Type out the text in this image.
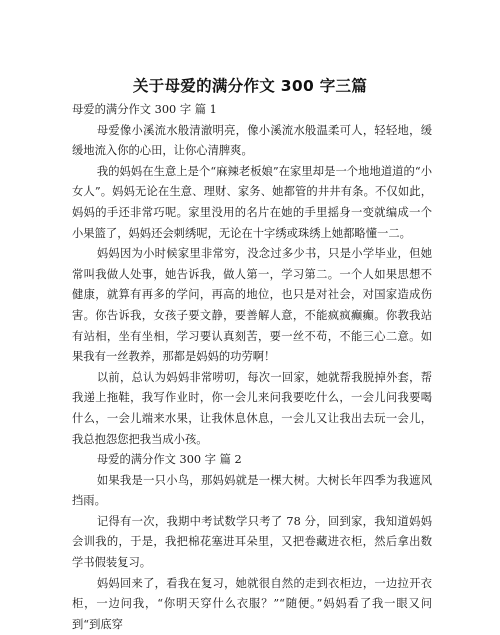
关于母爱的满分作文 300 字三篇

母爱的满分作文 300 字 篇 1

母爱像小溪流水般清澈明亮，像小溪流水般温柔可人，轻轻地，缓缓地流入你的心田，让你心清脾爽。

我的妈妈在生意上是个“麻辣老板娘”在家里却是一个地地道道的“小女人”。妈妈无论在生意、理财、家务、她都管的井井有条。不仅如此，妈妈的手还非常巧呢。家里没用的名片在她的手里摇身一变就编成一个小果篮了，妈妈还会刺绣呢，无论在十字绣或珠绣上她都略懂一二。

妈妈因为小时候家里非常穷，没念过多少书，只是小学毕业，但她常叫我做人处事，她告诉我，做人第一，学习第二。一个人如果思想不健康，就算有再多的学问，再高的地位，也只是对社会，对国家造成伤害。你告诉我，女孩子要文静，要善解人意，不能疯疯癫癫。你教我站有站相，坐有坐相，学习要认真刻苦，要一丝不苟，不能三心二意。如果我有一丝教养，那都是妈妈的功劳啊！

以前，总认为妈妈非常唠叨，每次一回家，她就帮我脱掉外套，帮我递上拖鞋，我写作业时，你一会儿来问我要吃什么，一会儿问我要喝什么，一会儿端来水果，让我休息休息，一会儿又让我出去玩一会儿，我总抱怨您把我当成小孩。

母爱的满分作文 300 字 篇 2

如果我是一只小鸟，那妈妈就是一棵大树。大树长年四季为我遮风挡雨。

记得有一次，我期中考试数学只考了 78 分，回到家，我知道妈妈会训我的，于是，我把棉花塞进耳朵里，又把卷藏进衣柜，然后拿出数学书假装复习。

妈妈回来了，看我在复习，她就很自然的走到衣柜边，一边拉开衣柜，一边问我，“你明天穿什么衣服？”“随便。”妈妈看了我一眼又问到“到底穿
